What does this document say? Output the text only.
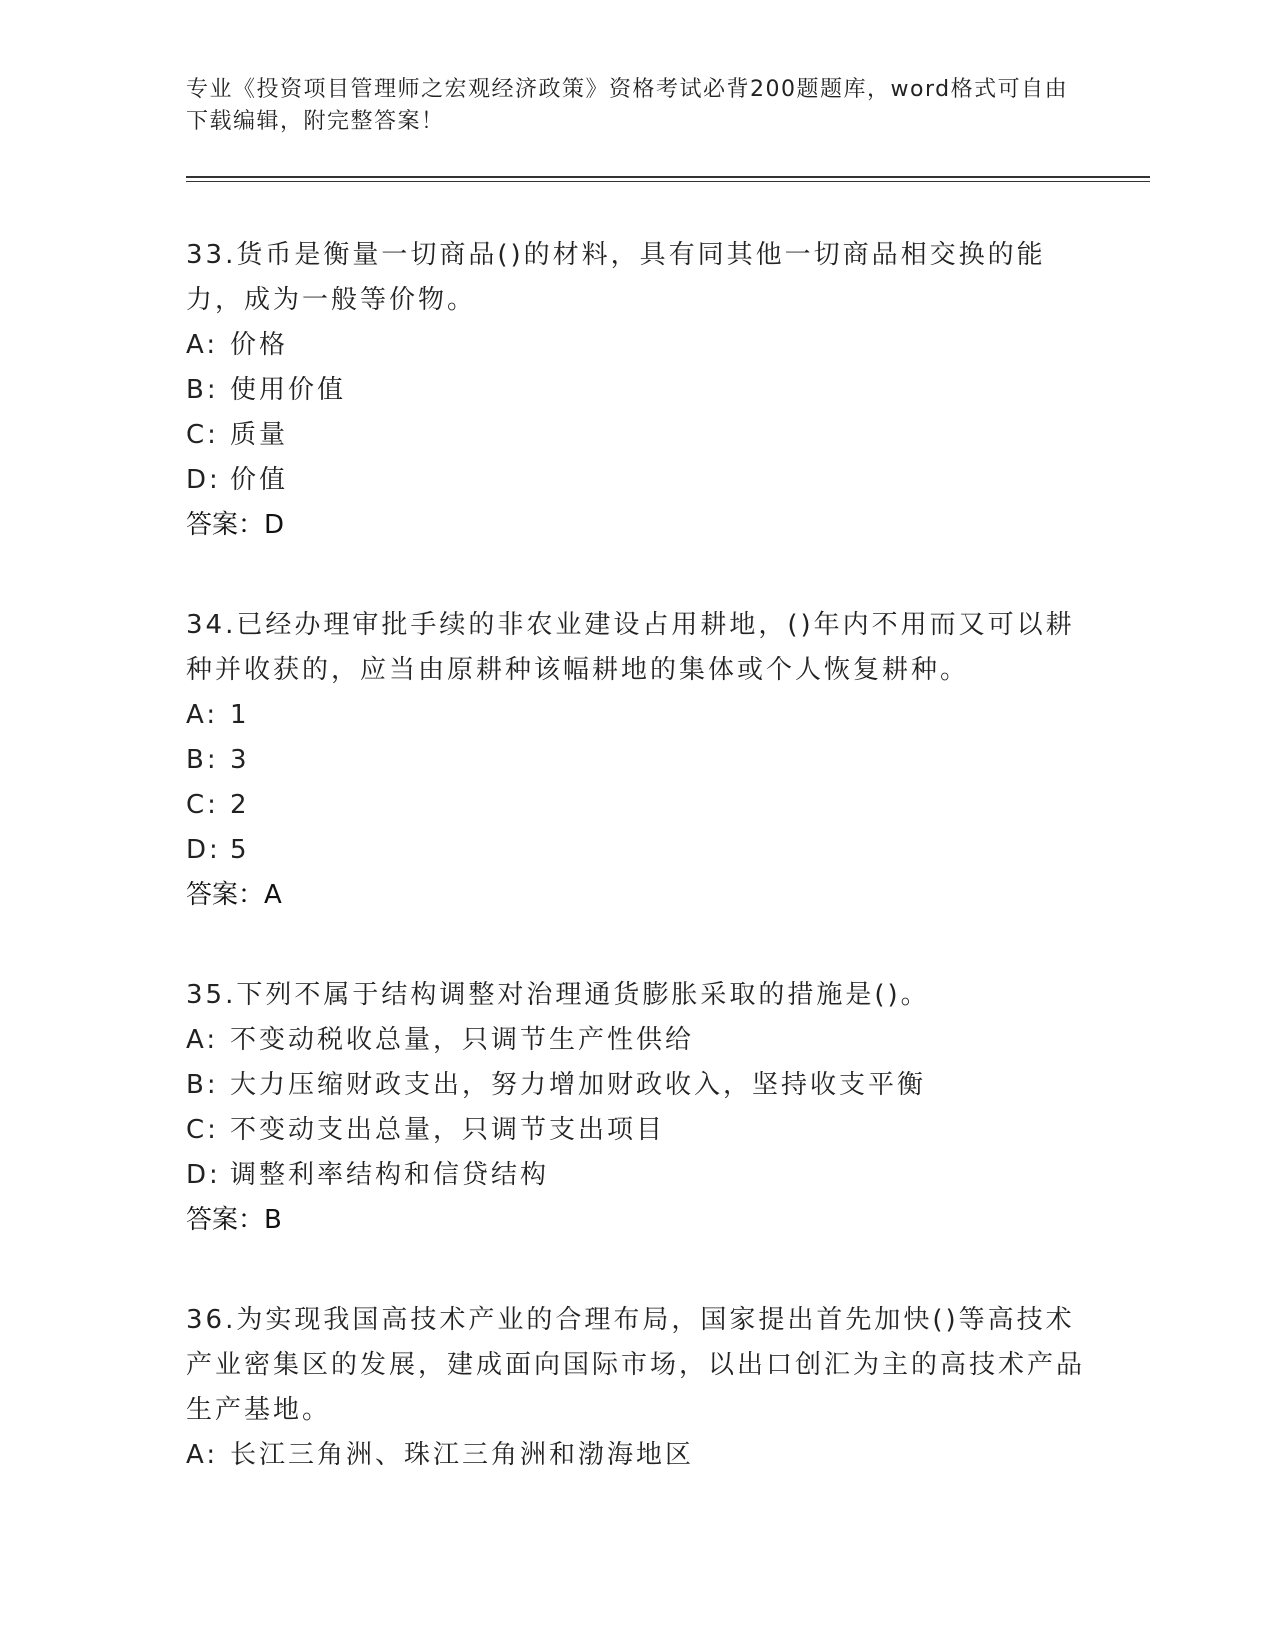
专业《投资项目管理师之宏观经济政策》资格考试必背200题题库，word格式可自由下载编辑，附完整答案！

33.货币是衡量一切商品()的材料，具有同其他一切商品相交换的能力，成为一般等价物。

A: 价格

B: 使用价值

C: 质量

D: 价值

答案：D

34.已经办理审批手续的非农业建设占用耕地，()年内不用而又可以耕种并收获的，应当由原耕种该幅耕地的集体或个人恢复耕种。

A: 1

B: 3

C: 2

D: 5

答案：A

35.下列不属于结构调整对治理通货膨胀采取的措施是()。

A: 不变动税收总量，只调节生产性供给

B: 大力压缩财政支出，努力增加财政收入，坚持收支平衡

C: 不变动支出总量，只调节支出项目

D: 调整利率结构和信贷结构

答案：B

36.为实现我国高技术产业的合理布局，国家提出首先加快()等高技术产业密集区的发展，建成面向国际市场，以出口创汇为主的高技术产品生产基地。

A: 长江三角洲、珠江三角洲和渤海地区
